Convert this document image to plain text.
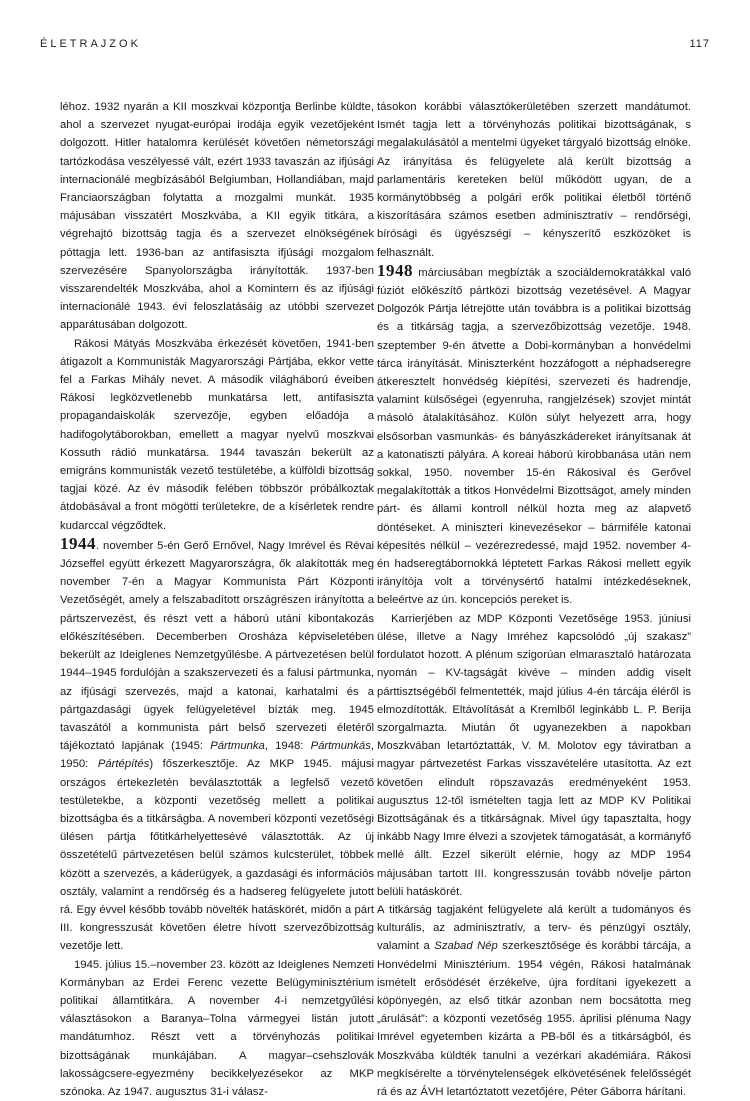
ÉLETRAJZOK	117

léhoz. 1932 nyarán a KII moszkvai központja Berlinbe küldte, ahol a szervezet nyugat-európai irodája egyik vezetőjeként dolgozott. Hitler hatalomra kerülését követően németországi tartózkodása veszélyessé vált, ezért 1933 tavaszán az ifjúsági internacionálé megbízásából Belgiumban, Hollandiában, majd Franciaországban folytatta a mozgalmi munkát. 1935 májusában visszatért Moszkvába, a KII egyik titkára, a végrehajtó bizottság tagja és a szervezet elnökségének póttagja lett. 1936-ban az antifasiszta ifjúsági mozgalom szervezésére Spanyolországba irányították. 1937-ben visszarendelték Moszkvába, ahol a Komintern és az ifjúsági internacionálé 1943. évi feloszlatásáig az utóbbi szervezet apparátusában dolgozott.

Rákosi Mátyás Moszkvába érkezését követően, 1941-ben átigazolt a Kommunisták Magyarországi Pártjába, ekkor vette fel a Farkas Mihály nevet. A második világháború éveiben Rákosi legközvetlenebb munkatársa lett, antifasiszta propagandaiskolák szervezője, egyben előadója a hadifogolytáborokban, emellett a magyar nyelvű moszkvai Kossuth rádió munkatársa. 1944 tavaszán bekerült az emigráns kommunisták vezető testületébe, a külföldi bizottság tagjai közé. Az év második felében többször próbálkoztak átdobásával a front mögötti területekre, de a kísérletek rendre kudarccal végződtek.

1944. november 5-én Gerő Ernővel, Nagy Imrével és Révai Józseffel együtt érkezett Magyarországra, ők alakították meg november 7-én a Magyar Kommunista Párt Központi Vezetőségét, amely a felszabadított országrészen irányította a pártszervezést, és részt vett a háború utáni kibontakozás előkészítésében. Decemberben Orosháza képviseletében bekerült az Ideiglenes Nemzetgyűlésbe. A pártvezetésen belül 1944–1945 fordulóján a szakszervezeti és a falusi pártmunka, az ifjúsági szervezés, majd a katonai, karhatalmi és a pártgazdasági ügyek felügyeletével bízták meg. 1945 tavaszától a kommunista párt belső szervezeti életéről tájékoztató lapjának (1945: Pártmunka, 1948: Pártmunkás, 1950: Pártépítés) főszerkesztője. Az MKP 1945. májusi országos értekezletén beválasztották a legfelső vezető testületekbe, a központi vezetőség mellett a politikai bizottságba és a titkárságba. A novemberi központi vezetőségi ülésen pártja főtitkárhelyettesévé választották. Az új összetételű pártvezetésen belül számos kulcsterület, többek között a szervezés, a káderügyek, a gazdasági és információs osztály, valamint a rendőrség és a hadsereg felügyelete jutott rá. Egy évvel később tovább növelték hatáskörét, midőn a párt III. kongresszusát követően életre hívott szervezőbizottság vezetője lett.

1945. július 15.–november 23. között az Ideiglenes Nemzeti Kormányban az Erdei Ferenc vezette Belügyminisztérium politikai államtitkára. A november 4-i nemzetgyűlési választásokon a Baranya–Tolna vármegyei listán jutott mandátumhoz. Részt vett a törvényhozás politikai bizottságának munkájában. A magyar–csehszlovák lakosságcsere-egyezmény becikkelyezésekor az MKP szónoka. Az 1947. augusztus 31-i válasz-

tásokon korábbi választókerületében szerzett mandátumot. Ismét tagja lett a törvényhozás politikai bizottságának, s megalakulásától a mentelmi ügyeket tárgyaló bizottság elnöke. Az irányítása és felügyelete alá került bizottság a parlamentáris kereteken belül működött ugyan, de a kormánytöbbség a polgári erők politikai életből történő kiszorítására számos esetben adminisztratív – rendőrségi, bírósági és ügyészségi – kényszerítő eszközöket is felhasznált.

1948 márciusában megbízták a szociáldemokratákkal való fúziót előkészítő pártközi bizottság vezetésével. A Magyar Dolgozók Pártja létrejötte után továbbra is a politikai bizottság és a titkárság tagja, a szervezőbizottság vezetője. 1948. szeptember 9-én átvette a Dobi-kormányban a honvédelmi tárca irányítását. Miniszterként hozzáfogott a néphadseregre átkeresztelt honvédség kiépítési, szervezeti és hadrendje, valamint külsőségei (egyenruha, rangjelzések) szovjet mintát másoló átalakításához. Külön súlyt helyezett arra, hogy elsősorban vasmunkás- és bányászkádereket irányítsanak át a katonatiszti pályára. A koreai háború kirobbanása után nem sokkal, 1950. november 15-én Rákosival és Gerővel megalakították a titkos Honvédelmi Bizottságot, amely minden párt- és állami kontroll nélkül hozta meg az alapvető döntéseket. A miniszteri kinevezésekor – bármiféle katonai képesítés nélkül – vezérezredessé, majd 1952. november 4-én hadseregtábornokká léptetett Farkas Rákosi mellett egyik irányítója volt a törvénysértő hatalmi intézkedéseknek, beleértve az ún. koncepciós pereket is.

Karrierjében az MDP Központi Vezetősége 1953. júniusi ülése, illetve a Nagy Imréhez kapcsolódó „új szakasz” fordulatot hozott. A plénum szigorúan elmarasztaló határozata nyomán – KV-tagságát kivéve – minden addig viselt párttisztségéből felmentették, majd július 4-én tárcája éléről is elmozdították. Eltávolítását a Kremlből leginkább L. P. Berija szorgalmazta. Miután őt ugyanezekben a napokban Moszkvában letartóztatták, V. M. Molotov egy táviratban a magyar pártvezetést Farkas visszavételére utasította. Az ezt követően elindult röpszavazás eredményeként 1953. augusztus 12-től ismételten tagja lett az MDP KV Politikai Bizottságának és a titkárságnak. Mivel úgy tapasztalta, hogy inkább Nagy Imre élvezi a szovjetek támogatását, a kormányfő mellé állt. Ezzel sikerült elérnie, hogy az MDP 1954 májusában tartott III. kongresszusán tovább növelje párton belüli hatáskörét.

A titkárság tagjaként felügyelete alá került a tudományos és kulturális, az adminisztratív, a terv- és pénzügyi osztály, valamint a Szabad Nép szerkesztősége és korábbi tárcája, a Honvédelmi Minisztérium. 1954 végén, Rákosi hatalmának ismételt erősödését érzékelve, újra fordítani igyekezett a köpönyegén, az első titkár azonban nem bocsátotta meg „árulását”: a központi vezetőség 1955. áprilisi plénuma Nagy Imrével egyetemben kizárta a PB-ből és a titkárságból, és Moszkvába küldték tanulni a vezérkari akadémiára. Rákosi megkísérelte a törvénytelenségek elkövetésének felelősségét rá és az ÁVH letartóztatott vezetőjére, Péter Gáborra hárítani.
